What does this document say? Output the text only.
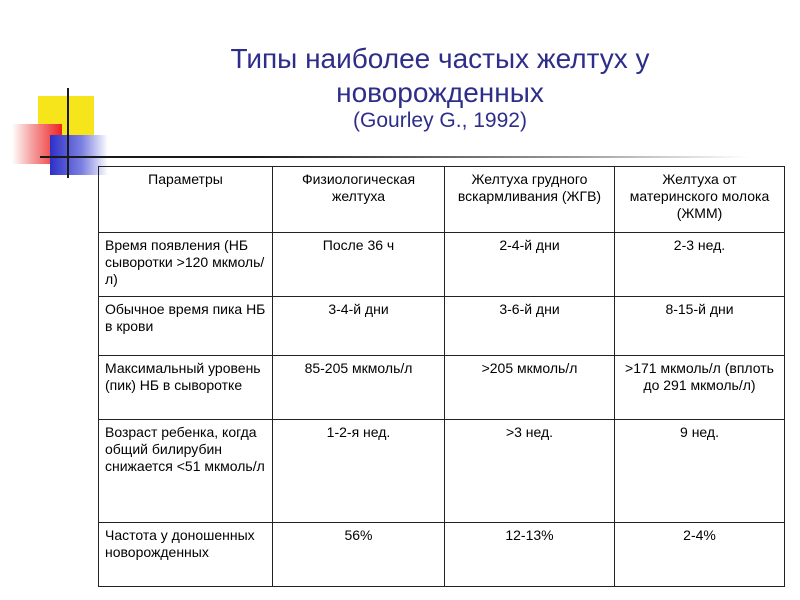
Типы наиболее частых желтух у
новорожденных
(Gourley G., 1992)
Параметры	Физиологическая желтуха	Желтуха грудного вскармливания (ЖГВ)	Желтуха от материнского молока (ЖММ)
Время появления (НБ сыворотки >120 мкмоль/л)	После 36 ч	2-4-й дни	2-3 нед.
Обычное время пика НБ в крови	3-4-й дни	3-6-й дни	8-15-й дни
Максимальный уровень (пик) НБ в сыворотке	85-205 мкмоль/л	>205 мкмоль/л	>171 мкмоль/л (вплоть до 291 мкмоль/л)
Возраст ребенка, когда общий билирубин снижается <51 мкмоль/л	1-2-я нед.	>3 нед.	9 нед.
Частота у доношенных новорожденных	56%	12-13%	2-4%
